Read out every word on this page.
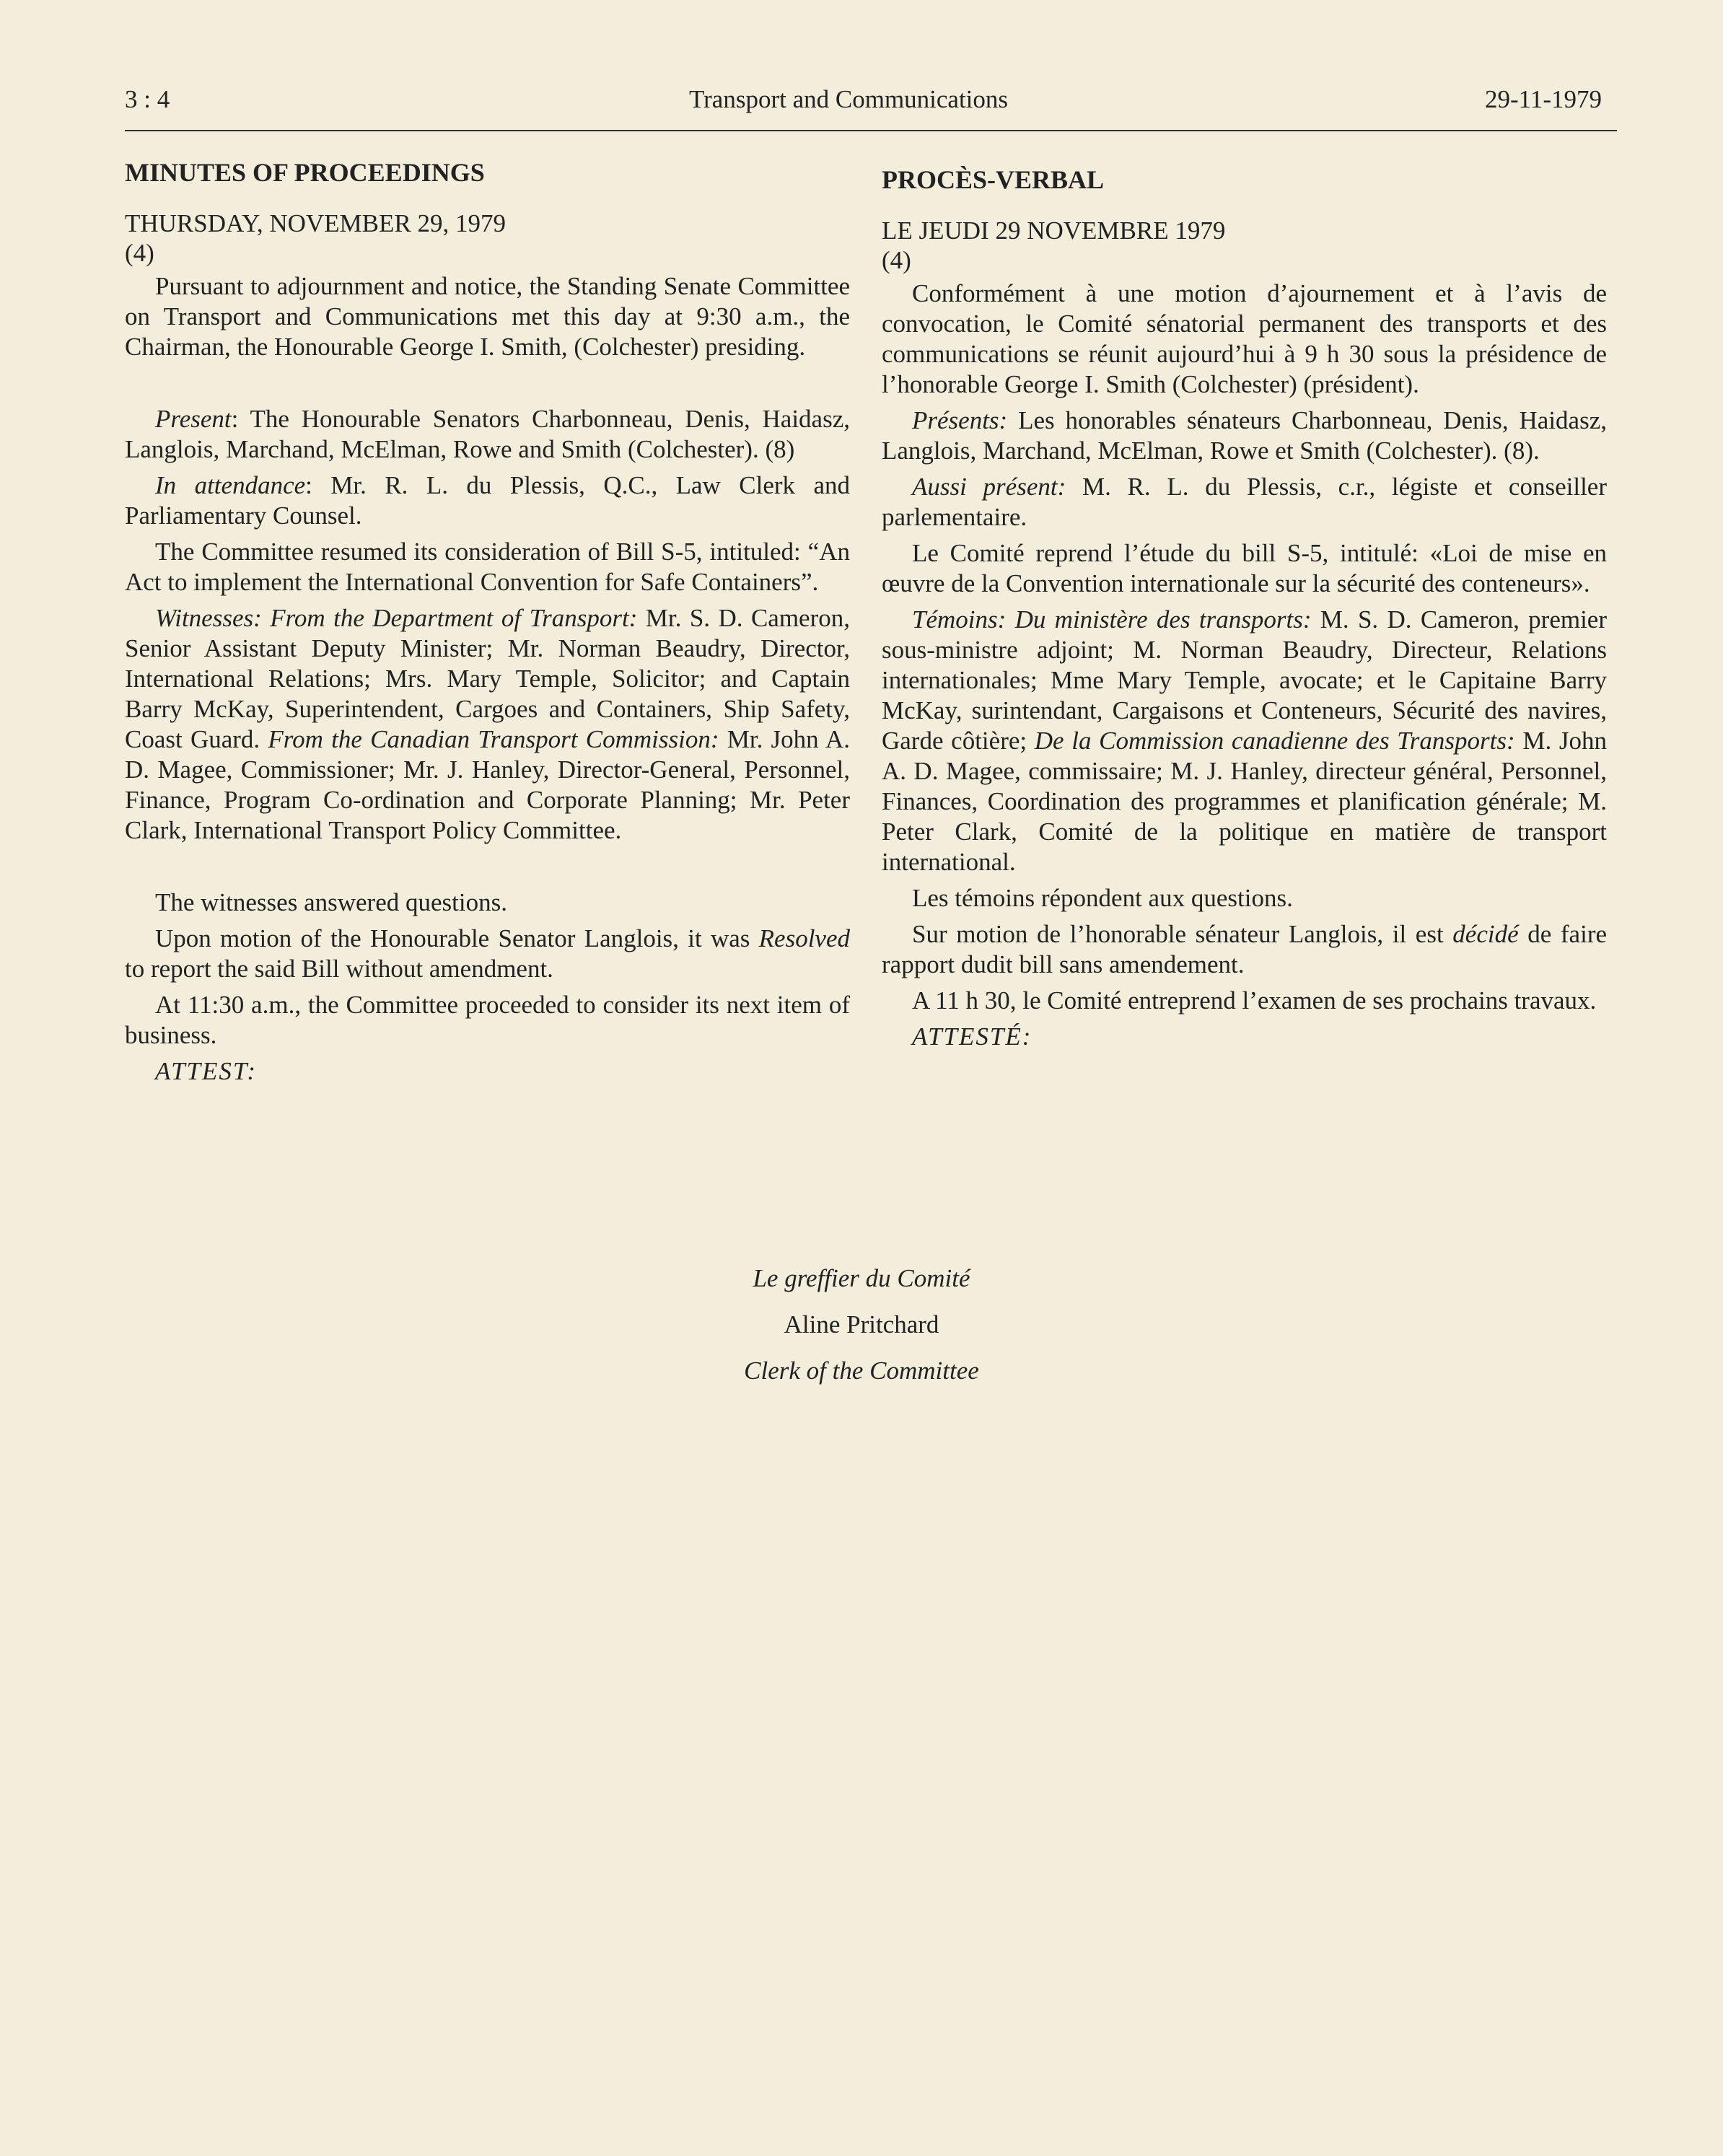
3 : 4	Transport and Communications	29-11-1979
MINUTES OF PROCEEDINGS
THURSDAY, NOVEMBER 29, 1979
(4)

Pursuant to adjournment and notice, the Standing Senate Committee on Transport and Communications met this day at 9:30 a.m., the Chairman, the Honourable George I. Smith, (Colchester) presiding.

Present: The Honourable Senators Charbonneau, Denis, Haidasz, Langlois, Marchand, McElman, Rowe and Smith (Colchester). (8)

In attendance: Mr. R. L. du Plessis, Q.C., Law Clerk and Parliamentary Counsel.

The Committee resumed its consideration of Bill S-5, intituled: “An Act to implement the International Convention for Safe Containers”.

Witnesses: From the Department of Transport: Mr. S. D. Cameron, Senior Assistant Deputy Minister; Mr. Norman Beaudry, Director, International Relations; Mrs. Mary Temple, Solicitor; and Captain Barry McKay, Superintendent, Cargoes and Containers, Ship Safety, Coast Guard. From the Canadian Transport Commission: Mr. John A. D. Magee, Commissioner; Mr. J. Hanley, Director-General, Personnel, Finance, Program Co-ordination and Corporate Planning; Mr. Peter Clark, International Transport Policy Committee.

The witnesses answered questions.

Upon motion of the Honourable Senator Langlois, it was Resolved to report the said Bill without amendment.

At 11:30 a.m., the Committee proceeded to consider its next item of business.

ATTEST:
PROCÈS-VERBAL
LE JEUDI 29 NOVEMBRE 1979
(4)

Conformément à une motion d’ajournement et à l’avis de convocation, le Comité sénatorial permanent des transports et des communications se réunit aujourd’hui à 9 h 30 sous la présidence de l’honorable George I. Smith (Colchester) (président).

Présents: Les honorables sénateurs Charbonneau, Denis, Haidasz, Langlois, Marchand, McElman, Rowe et Smith (Colchester). (8).

Aussi présent: M. R. L. du Plessis, c.r., légiste et conseiller parlementaire.

Le Comité reprend l’étude du bill S-5, intitulé: «Loi de mise en œuvre de la Convention internationale sur la sécurité des conteneurs».

Témoins: Du ministère des transports: M. S. D. Cameron, premier sous-ministre adjoint; M. Norman Beaudry, Directeur, Relations internationales; Mme Mary Temple, avocate; et le Capitaine Barry McKay, surintendant, Cargaisons et Conteneurs, Sécurité des navires, Garde côtière; De la Commission canadienne des Transports: M. John A. D. Magee, commissaire; M. J. Hanley, directeur général, Personnel, Finances, Coordination des programmes et planification générale; M. Peter Clark, Comité de la politique en matière de transport international.

Les témoins répondent aux questions.

Sur motion de l’honorable sénateur Langlois, il est décidé de faire rapport dudit bill sans amendement.

A 11 h 30, le Comité entreprend l’examen de ses prochains travaux.

ATTESTÉ:
Le greffier du Comité
Aline Pritchard
Clerk of the Committee
